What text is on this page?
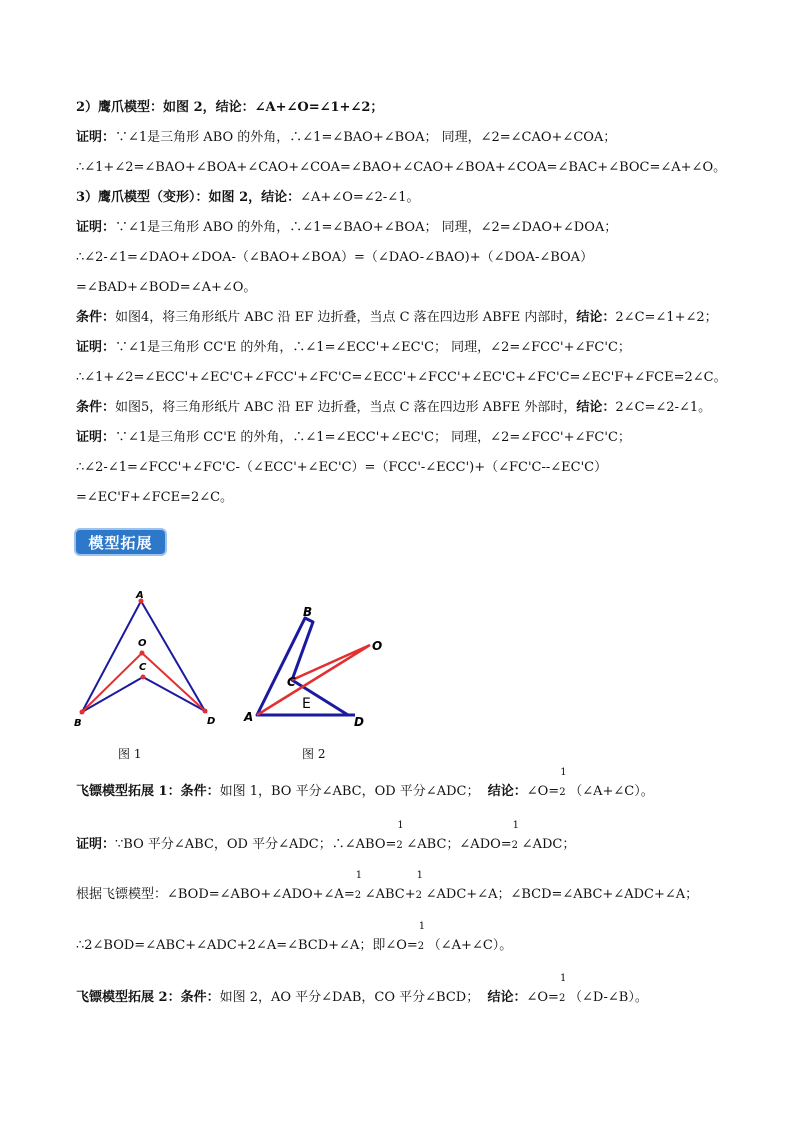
2）鹰爪模型：如图 2，结论：∠A+∠O=∠1+∠2；
证明：∵∠1是三角形 ABO 的外角，∴∠1=∠BAO+∠BOA； 同理，∠2=∠CAO+∠COA；
∴∠1+∠2=∠BAO+∠BOA+∠CAO+∠COA=∠BAO+∠CAO+∠BOA+∠COA=∠BAC+∠BOC=∠A+∠O。
3）鹰爪模型（变形）：如图 2，结论：∠A+∠O=∠2-∠1。
证明：∵∠1是三角形 ABO 的外角，∴∠1=∠BAO+∠BOA； 同理，∠2=∠DAO+∠DOA；
∴∠2-∠1=∠DAO+∠DOA-（∠BAO+∠BOA）=（∠DAO-∠BAO)+（∠DOA-∠BOA）
=∠BAD+∠BOD=∠A+∠O。
条件：如图4，将三角形纸片 ABC 沿 EF 边折叠，当点 C 落在四边形 ABFE 内部时，结论：2∠C=∠1+∠2；
证明：∵∠1是三角形 CC'E 的外角，∴∠1=∠ECC'+∠EC'C； 同理，∠2=∠FCC'+∠FC'C；
∴∠1+∠2=∠ECC'+∠EC'C+∠FCC'+∠FC'C=∠ECC'+∠FCC'+∠EC'C+∠FC'C=∠EC'F+∠FCE=2∠C。
条件：如图5，将三角形纸片 ABC 沿 EF 边折叠，当点 C 落在四边形 ABFE 外部时，结论：2∠C=∠2-∠1。
证明：∵∠1是三角形 CC'E 的外角，∴∠1=∠ECC'+∠EC'C； 同理，∠2=∠FCC'+∠FC'C；
∴∠2-∠1=∠FCC'+∠FC'C-（∠ECC'+∠EC'C）=（FCC'-∠ECC')+（∠FC'C--∠EC'C）
=∠EC'F+∠FCE=2∠C。
模型拓展
A
O
C
B	D
图 1
B
O
C
E
A	D
图 2
飞镖模型拓展 1：条件：如图 1，BO 平分∠ABC，OD 平分∠ADC； 结论：∠O=
1
2 （∠A+∠C）。
证明：∵BO 平分∠ABC，OD 平分∠ADC；∴∠ABO=
1
2 ∠ABC；∠ADO=
1
2 ∠ADC；
根据飞镖模型：∠BOD=∠ABO+∠ADO+∠A=
1
2 ∠ABC+
1
2 ∠ADC+∠A；∠BCD=∠ABC+∠ADC+∠A；
∴2∠BOD=∠ABC+∠ADC+2∠A=∠BCD+∠A；即∠O=
1
2 （∠A+∠C）。
飞镖模型拓展 2：条件：如图 2，AO 平分∠DAB，CO 平分∠BCD； 结论：∠O=
1
2 （∠D-∠B）。
